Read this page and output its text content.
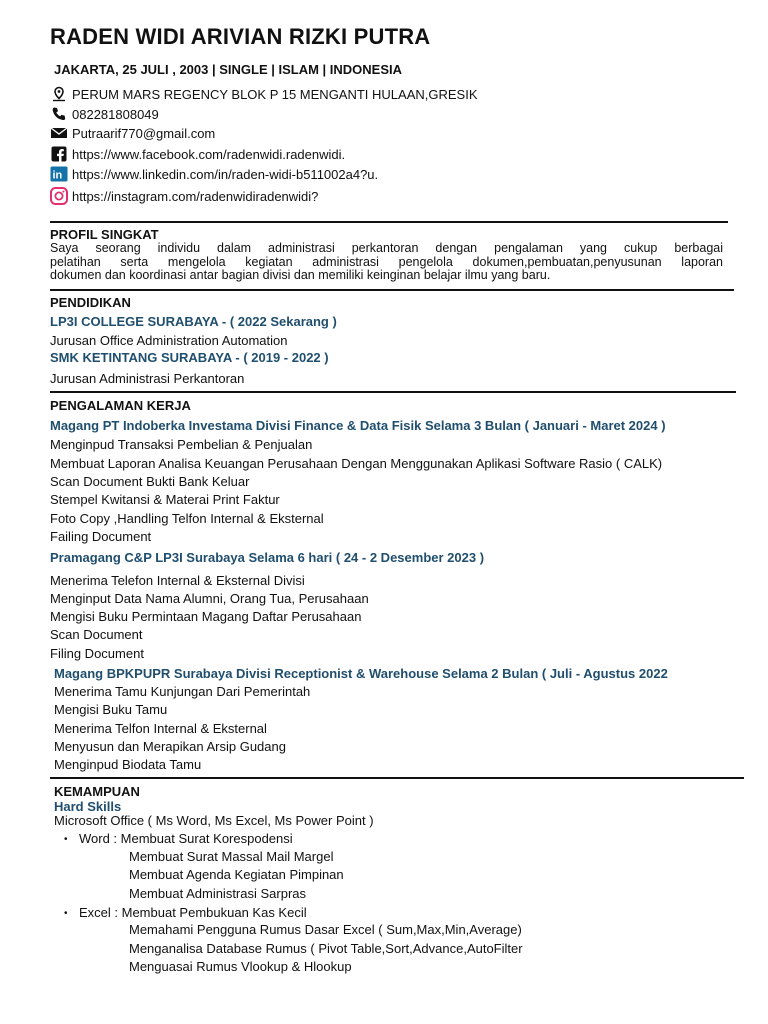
RADEN WIDI ARIVIAN RIZKI PUTRA
JAKARTA, 25 JULI , 2003 | SINGLE | ISLAM | INDONESIA
PERUM MARS REGENCY BLOK P 15 MENGANTI HULAAN,GRESIK
082281808049
Putraarif770@gmail.com
https://www.facebook.com/radenwidi.radenwidi.
in https://www.linkedin.com/in/raden-widi-b511002a4?u.
https://instagram.com/radenwidiradenwidi?
PROFIL SINGKAT
Saya seorang individu dalam administrasi perkantoran dengan pengalaman yang cukup berbagai
pelatihan serta mengelola kegiatan administrasi pengelola dokumen,pembuatan,penyusunan laporan
dokumen dan koordinasi antar bagian divisi dan memiliki keinginan belajar ilmu yang baru.
PENDIDIKAN
LP3I COLLEGE SURABAYA - ( 2022 Sekarang )
Jurusan Office Administration Automation
SMK KETINTANG SURABAYA - ( 2019 - 2022 )
Jurusan Administrasi Perkantoran
PENGALAMAN KERJA
Magang PT Indoberka Investama Divisi Finance & Data Fisik Selama 3 Bulan ( Januari - Maret 2024 )
Menginpud Transaksi Pembelian & Penjualan
Membuat Laporan Analisa Keuangan Perusahaan Dengan Menggunakan Aplikasi Software Rasio ( CALK)
Scan Document Bukti Bank Keluar
Stempel Kwitansi & Materai Print Faktur
Foto Copy ,Handling Telfon Internal & Eksternal
Failing Document
Pramagang C&P LP3I Surabaya Selama 6 hari ( 24 - 2 Desember 2023 )
Menerima Telefon Internal & Eksternal Divisi
Menginput Data Nama Alumni, Orang Tua, Perusahaan
Mengisi Buku Permintaan Magang Daftar Perusahaan
Scan Document
Filing Document
Magang BPKPUPR Surabaya Divisi Receptionist & Warehouse Selama 2 Bulan ( Juli - Agustus 2022
Menerima Tamu Kunjungan Dari Pemerintah
Mengisi Buku Tamu
Menerima Telfon Internal & Eksternal
Menyusun dan Merapikan Arsip Gudang
Menginpud Biodata Tamu
KEMAMPUAN
Hard Skills
Microsoft Office ( Ms Word, Ms Excel, Ms Power Point )
• Word : Membuat Surat Korespodensi
Membuat Surat Massal Mail Margel
Membuat Agenda Kegiatan Pimpinan
Membuat Administrasi Sarpras
• Excel : Membuat Pembukuan Kas Kecil
Memahami Pengguna Rumus Dasar Excel ( Sum,Max,Min,Average)
Menganalisa Database Rumus ( Pivot Table,Sort,Advance,AutoFilter
Menguasai Rumus Vlookup & Hlookup
